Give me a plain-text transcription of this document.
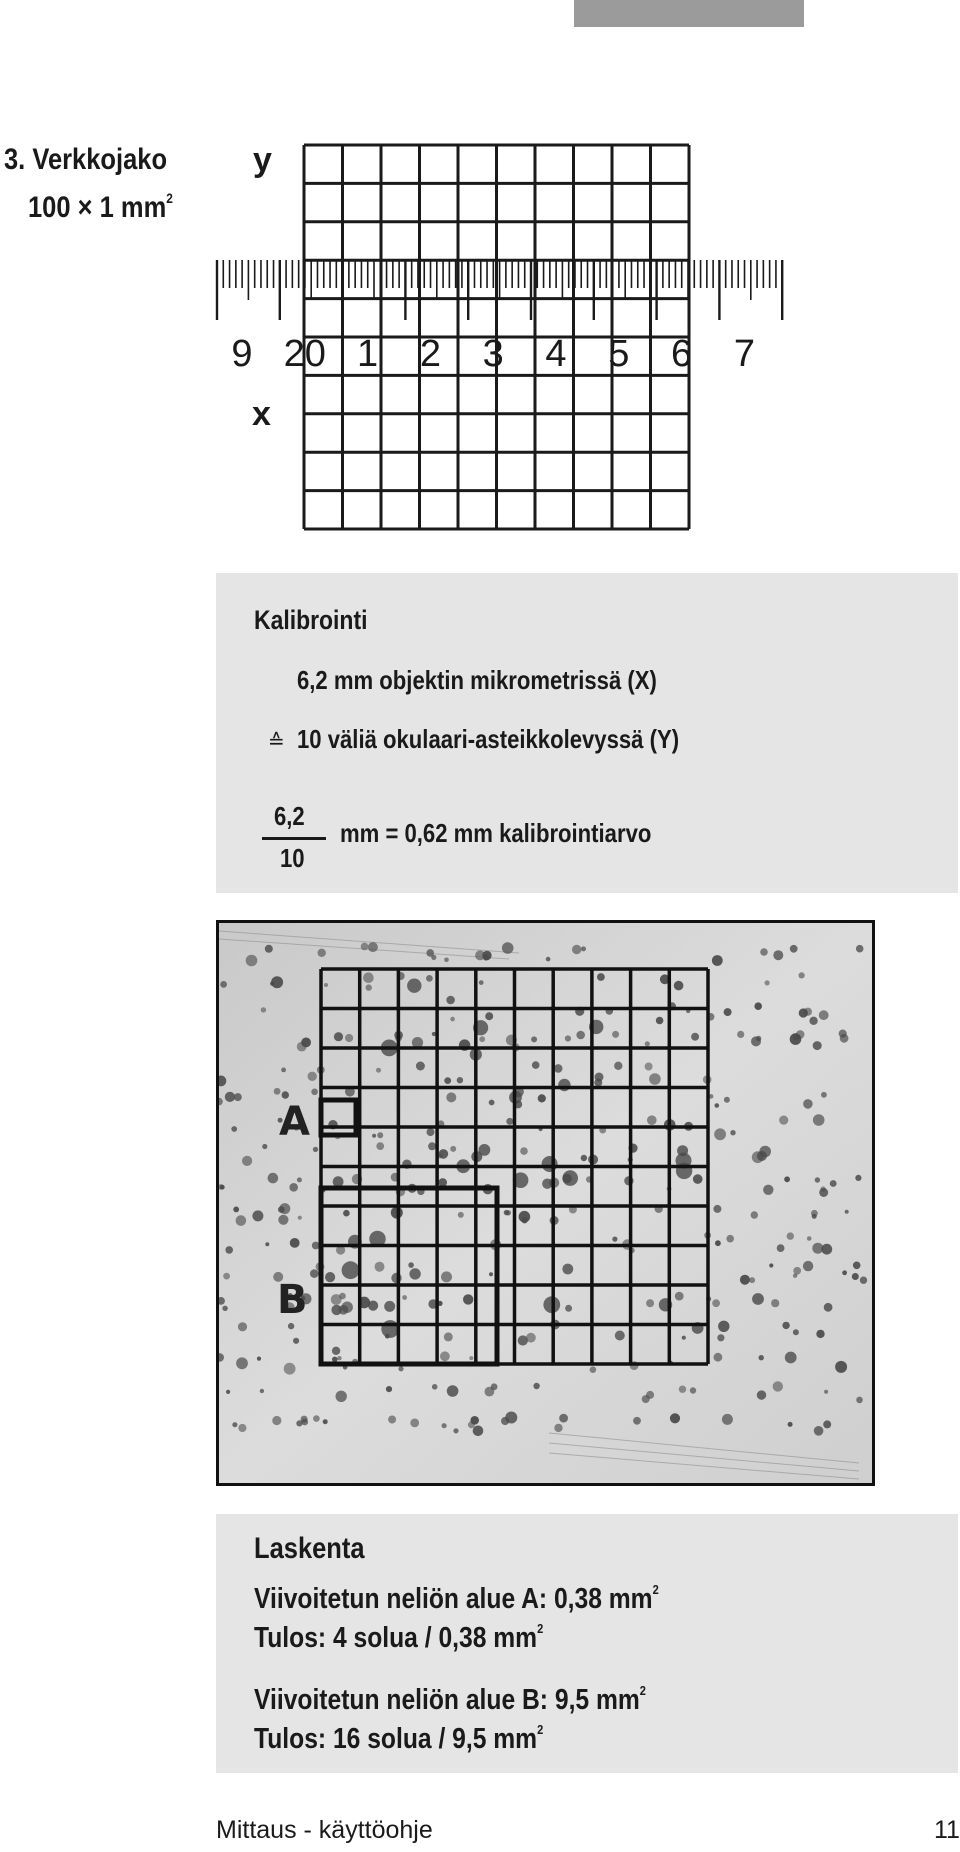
3. Verkkojako
100 × 1 $mm^2$
y
x
9 20 1 2 3 4 5 6 7
Kalibrointi
6,2 mm objektin mikrometrissä (X)
≙ 10 väliä okulaari-asteikkolevyssä (Y)
6,2
10
mm = 0,62 mm kalibrointiarvo
A
B
Laskenta
Viivoitetun neliön alue A: 0,38 $mm^2$
Tulos: 4 solua / 0,38 $mm^2$
Viivoitetun neliön alue B: 9,5 $mm^2$
Tulos: 16 solua / 9,5 $mm^2$
Mittaus - käyttöohje	11
